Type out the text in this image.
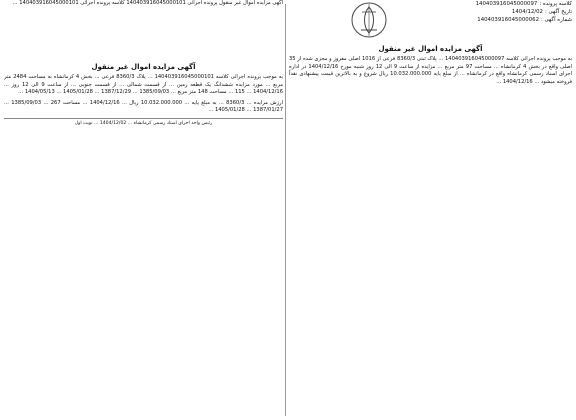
کلاسه پرونده :
140403916045000097
تاریخ آگهی :
1404/12/02
شماره آگهی :
140403916045000062
آگهی مزایده اموال غیر منقول

به موجب پرونده اجرائی کلاسه 140403916045000097 ... پلاک ثبتی 8360/3 فرعی از 1016 اصلی مفروز و مجزی شده از 35 اصلی واقع در بخش 4 کرمانشاه ... مساحت 97 متر مربع ... مزایده از ساعت 9 الی 12 روز شنبه مورخ 1404/12/16 در اداره اجرای اسناد رسمی کرمانشاه واقع در کرمانشاه ... از مبلغ پایه 10.032.000.000 ریال شروع و به بالاترین قیمت پیشنهادی نقداً فروخته میشود ... 1404/12/16 ...

آگهی مزایده اموال غیر منقول پرونده اجرائی 140403916045000101 کلاسه پرونده اجرائی 140403916045000101 ...

آگهی مزایده اموال غیر منقول

به موجب پرونده اجرائی کلاسه 140403916045000101 ... پلاک 8360/3 فرعی ... بخش 4 کرمانشاه به مساحت 2484 متر مربع ... مورد مزایده ششدانگ یک قطعه زمین ... از قسمت شمالی ... از قسمت جنوبی ... از ساعت 9 الی 12 روز ... 1404/12/16 ... 115 ... مساحت 148 متر مربع ... 1385/09/03 ... 1387/12/29 ... 1405/01/28 ... 1404/05/13 ...

ارزش مزایده ... 8360/3 ... به مبلغ پایه ... 10.032.000.000 ریال ... 1404/12/16 ... مساحت 267 ... 1385/09/03 ... 1387/01/27 ... 1405/01/28 ...

رئیس واحد اجرای اسناد رسمی کرمانشاه ... 1404/12/02 ... نوبت اول
